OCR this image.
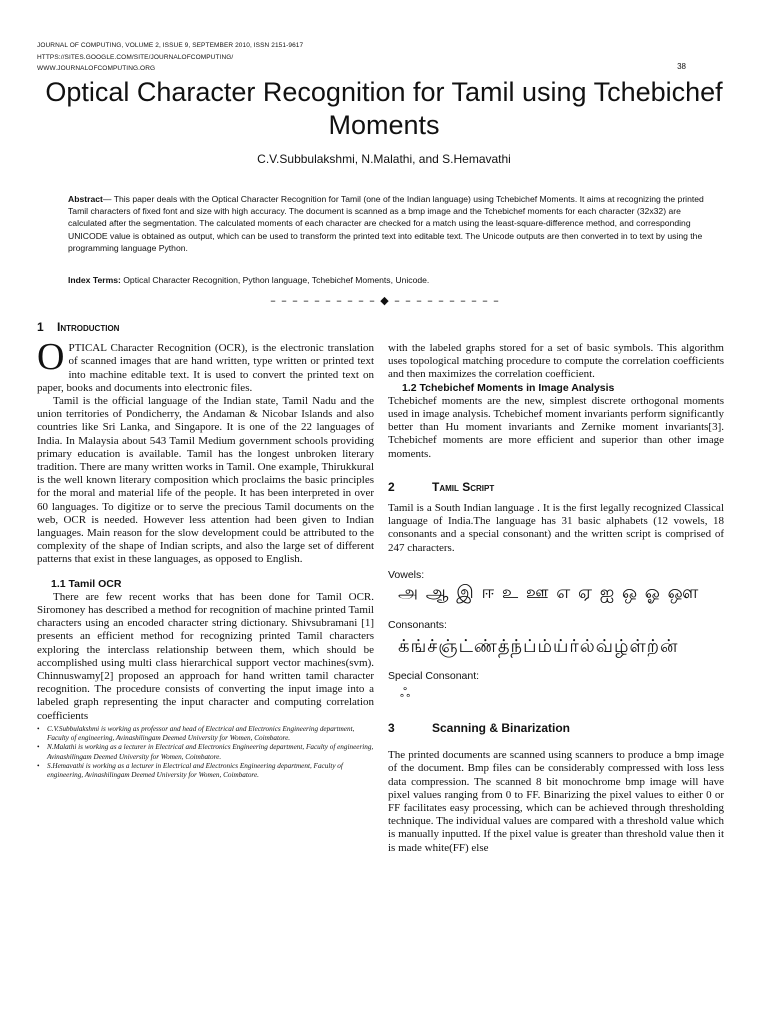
JOURNAL OF COMPUTING, VOLUME 2, ISSUE 9, SEPTEMBER 2010, ISSN 2151-9617
HTTPS://SITES.GOOGLE.COM/SITE/JOURNALOFCOMPUTING/
WWW.JOURNALOFCOMPUTING.ORG	38
Optical Character Recognition for Tamil using Tchebichef Moments
C.V.Subbulakshmi, N.Malathi, and S.Hemavathi
Abstract— This paper deals with the Optical Character Recognition for Tamil (one of the Indian language) using Tchebichef Moments. It aims at recognizing the printed Tamil characters of fixed font and size with high accuracy. The document is scanned as a bmp image and the Tchebichef moments for each character (32x32) are calculated after the segmentation. The calculated moments of each character are checked for a match using the least-square-difference method, and corresponding UNICODE value is obtained as output, which can be used to transform the printed text into editable text. The Unicode outputs are then converted in to text by using the programming language Python.
Index Terms: Optical Character Recognition, Python language, Tchebichef Moments, Unicode.
– – – – – – – – – – ◆ – – – – – – – – – –
1 Introduction

OPTICAL Character Recognition (OCR), is the electronic translation of scanned images that are hand written, type written or printed text into machine editable text. It is used to convert the printed text on paper, books and documents into electronic files.

Tamil is the official language of the Indian state, Tamil Nadu and the union territories of Pondicherry, the Andaman & Nicobar Islands and also countries like Sri Lanka, and Singapore. It is one of the 22 languages of India. In Malaysia about 543 Tamil Medium government schools providing primary education is available. Tamil has the longest unbroken literary tradition. There are many written works in Tamil. One example, Thirukkural is the well known literary composition which proclaims the basic principles for the moral and material life of the people. It has been interpreted in over 60 languages. To digitize or to serve the precious Tamil documents on the web, OCR is needed. However less attention had been given to Indian languages. Main reason for the slow development could be attributed to the complexity of the shape of Indian scripts, and also the large set of different patterns that exist in these languages, as opposed to English.

1.1 Tamil OCR

There are few recent works that has been done for Tamil OCR. Siromoney has described a method for recognition of machine printed Tamil characters using an encoded character string dictionary. Shivsubramani [1] presents an efficient method for recognizing printed Tamil characters exploring the interclass relationship between them, which should be accomplished using multi class hierarchical support vector machines(svm). Chinnuswamy[2] proposed an approach for hand written tamil character recognition. The procedure consists of converting the input image into a labeled graph representing the input character and computing correlation coefficients

•	C.V.Subbulakshmi is working as professor and head of Electrical and Electronics Engineering department, Faculty of engineering, Avinashilingam Deemed University for Women, Coimbatore.
•	N.Malathi is working as a lecturer in Electrical and Electronics Engineering department, Faculty of engineering, Avinashilingam Deemed University for Women, Coimbatore.
•	S.Hemavathi is working as a lecturer in Electrical and Electronics Engineering department, Faculty of engineering, Avinashilingam Deemed University for Women, Coimbatore.

with the labeled graphs stored for a set of basic symbols. This algorithm uses topological matching procedure to compute the correlation coefficients and then maximizes the correlation coefficient.

1.2 Tchebichef Moments in Image Analysis

Tchebichef moments are the new, simplest discrete orthogonal moments used in image analysis. Tchebichef moment invariants perform significantly better than Hu moment invariants and Zernike moment invariants[3]. Tchebichef moments are more efficient and superior than other image moments.

2	Tamil Script

Tamil is a South Indian language . It is the first legally recognized Classical language of India.The language has 31 basic alphabets (12 vowels, 18 consonants and a special consonant) and the written script is comprised of 247 characters.

Vowels:
அ ஆ இ ஈ உ ஊ எ ஏ ஐ ஒ ஓ ஔ
Consonants:
க்ங்ச்ஞ்ட்ண்த்ந்ப்ம்ய்ர்ல்வ்ழ்ள்ற்ன்
Special Consonant:
ஃ
3	Scanning & Binarization

The printed documents are scanned using scanners to produce a bmp image of the document. Bmp files can be considerably compressed with loss less data compression. The scanned 8 bit monochrome bmp image will have pixel values ranging from 0 to FF. Binarizing the pixel values to either 0 or FF facilitates easy processing, which can be achieved through thresholding technique. The individual values are compared with a threshold value which is manually inputted. If the pixel value is greater than threshold value then it is made white(FF) else
